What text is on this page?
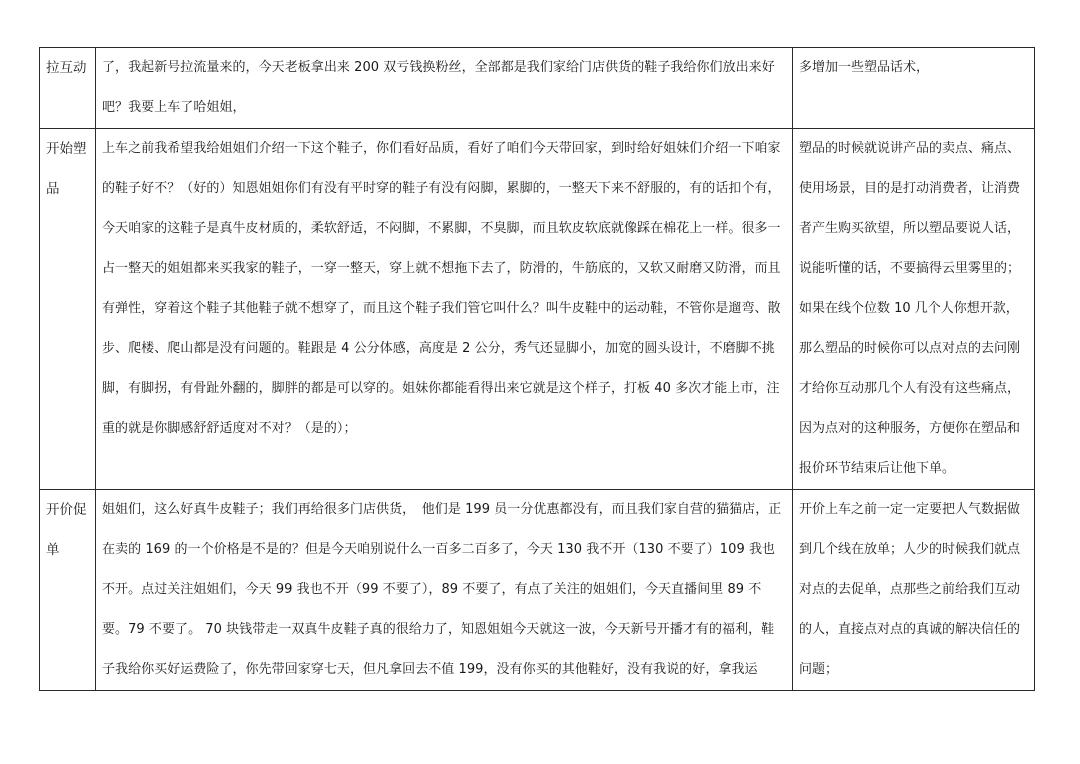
拉互动	了，我起新号拉流量来的，今天老板拿出来 200 双亏钱换粉丝，全部都是我们家给门店供货的鞋子我给你们放出来好吧？我要上车了哈姐姐，	多增加一些塑品话术，

开始塑品	上车之前我希望我给姐姐们介绍一下这个鞋子，你们看好品质，看好了咱们今天带回家，到时给好姐妹们介绍一下咱家的鞋子好不？（好的）知恩姐姐你们有没有平时穿的鞋子有没有闷脚，累脚的，一整天下来不舒服的，有的话扣个有，今天咱家的这鞋子是真牛皮材质的，柔软舒适，不闷脚，不累脚，不臭脚，而且软皮软底就像踩在棉花上一样。很多一占一整天的姐姐都来买我家的鞋子，一穿一整天，穿上就不想拖下去了，防滑的，牛筋底的，又软又耐磨又防滑，而且有弹性，穿着这个鞋子其他鞋子就不想穿了，而且这个鞋子我们管它叫什么？叫牛皮鞋中的运动鞋，不管你是遛弯、散步、爬楼、爬山都是没有问题的。鞋跟是 4 公分体感，高度是 2 公分，秀气还显脚小，加宽的圆头设计，不磨脚不挑脚，有脚拐，有骨趾外翻的，脚胖的都是可以穿的。姐妹你都能看得出来它就是这个样子，打板 40 多次才能上市，注重的就是你脚感舒舒适度对不对？（是的）；	塑品的时候就说讲产品的卖点、痛点、使用场景，目的是打动消费者，让消费者产生购买欲望，所以塑品要说人话，说能听懂的话，不要搞得云里雾里的；如果在线个位数 10 几个人你想开款，那么塑品的时候你可以点对点的去问刚才给你互动那几个人有没有这些痛点，因为点对的这种服务，方便你在塑品和报价环节结束后让他下单。

开价促单	姐姐们，这么好真牛皮鞋子；我们再给很多门店供货，　他们是 199 员一分优惠都没有，而且我们家自营的猫猫店，正在卖的 169 的一个价格是不是的？但是今天咱别说什么一百多二百多了，今天 130 我不开（130 不要了）109 我也不开。点过关注姐姐们，今天 99 我也不开（99 不要了），89 不要了，有点了关注的姐姐们，今天直播间里 89 不要。79 不要了。 70 块钱带走一双真牛皮鞋子真的很给力了，知恩姐姐今天就这一波，今天新号开播才有的福利，鞋子我给你买好运费险了，你先带回家穿七天，但凡拿回去不值 199，没有你买的其他鞋好，没有我说的好，拿我运	开价上车之前一定一定要把人气数据做到几个线在放单；人少的时候我们就点对点的去促单，点那些之前给我们互动的人，直接点对点的真诚的解决信任的问题；
